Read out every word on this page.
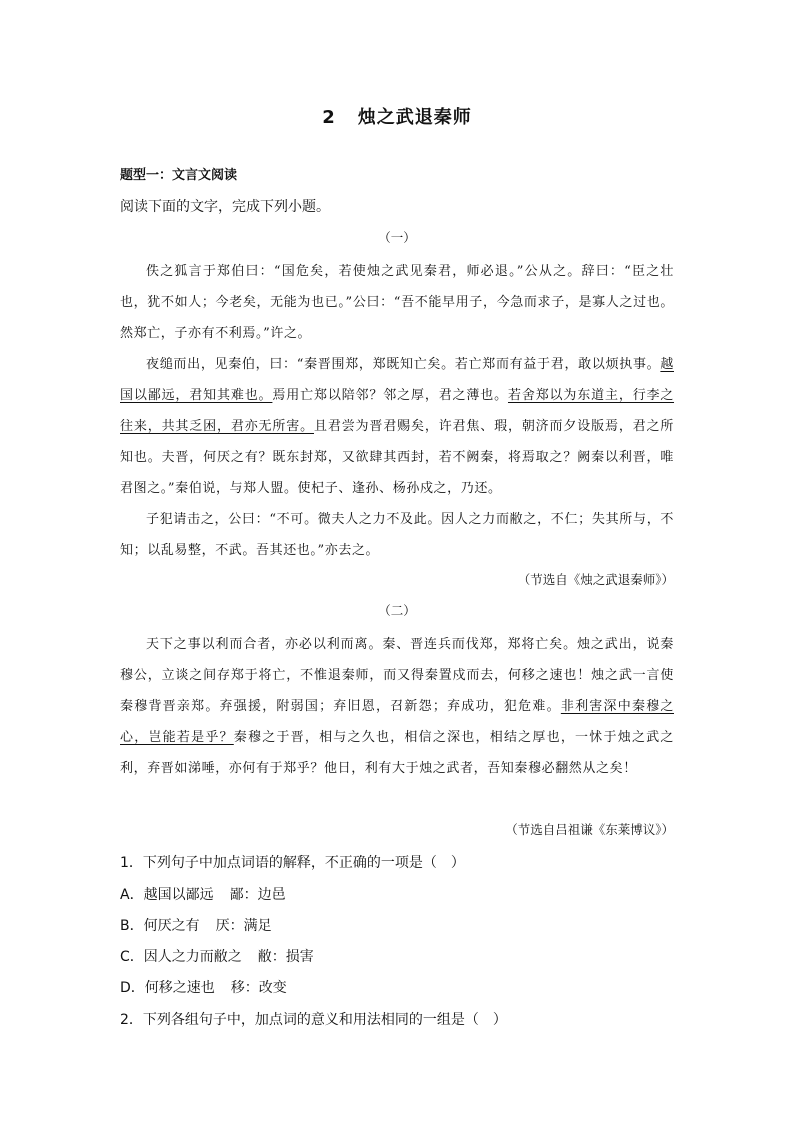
2 烛之武退秦师
题型一：文言文阅读
阅读下面的文字，完成下列小题。
（一）
佚之狐言于郑伯曰：“国危矣，若使烛之武见秦君，师必退。”公从之。辞曰：“臣之壮也，犹不如人；今老矣，无能为也已。”公曰：“吾不能早用子，今急而求子，是寡人之过也。然郑亡，子亦有不利焉。”许之。
夜缒而出，见秦伯，曰：“秦晋围郑，郑既知亡矣。若亡郑而有益于君，敢以烦执事。越国以鄙远，君知其难也。焉用亡郑以陪邻？邻之厚，君之薄也。若舍郑以为东道主，行李之往来，共其乏困，君亦无所害。且君尝为晋君赐矣，许君焦、瑕，朝济而夕设版焉，君之所知也。夫晋，何厌之有？既东封郑，又欲肆其西封，若不阙秦，将焉取之？阙秦以利晋，唯君图之。”秦伯说，与郑人盟。使杞子、逢孙、杨孙戍之，乃还。
子犯请击之，公曰：“不可。微夫人之力不及此。因人之力而敝之，不仁；失其所与，不知；以乱易整，不武。吾其还也。”亦去之。
（节选自《烛之武退秦师》）
（二）
天下之事以利而合者，亦必以利而离。秦、晋连兵而伐郑，郑将亡矣。烛之武出，说秦穆公，立谈之间存郑于将亡，不惟退秦师，而又得秦置戍而去，何移之速也！烛之武一言使秦穆背晋亲郑。弃强援，附弱国；弃旧恩，召新怨；弃成功，犯危难。非利害深中秦穆之心，岂能若是乎？秦穆之于晋，相与之久也，相信之深也，相结之厚也，一怵于烛之武之利，弃晋如涕唾，亦何有于郑乎？他日，利有大于烛之武者，吾知秦穆必翻然从之矣！
（节选自吕祖谦《东莱博议》）
1．下列句子中加点词语的解释，不正确的一项是（　）
A．越国以鄙远 鄙：边邑
B．何厌之有 厌：满足
C．因人之力而敝之 敝：损害
D．何移之速也 移：改变
2．下列各组句子中，加点词的意义和用法相同的一组是（　）
